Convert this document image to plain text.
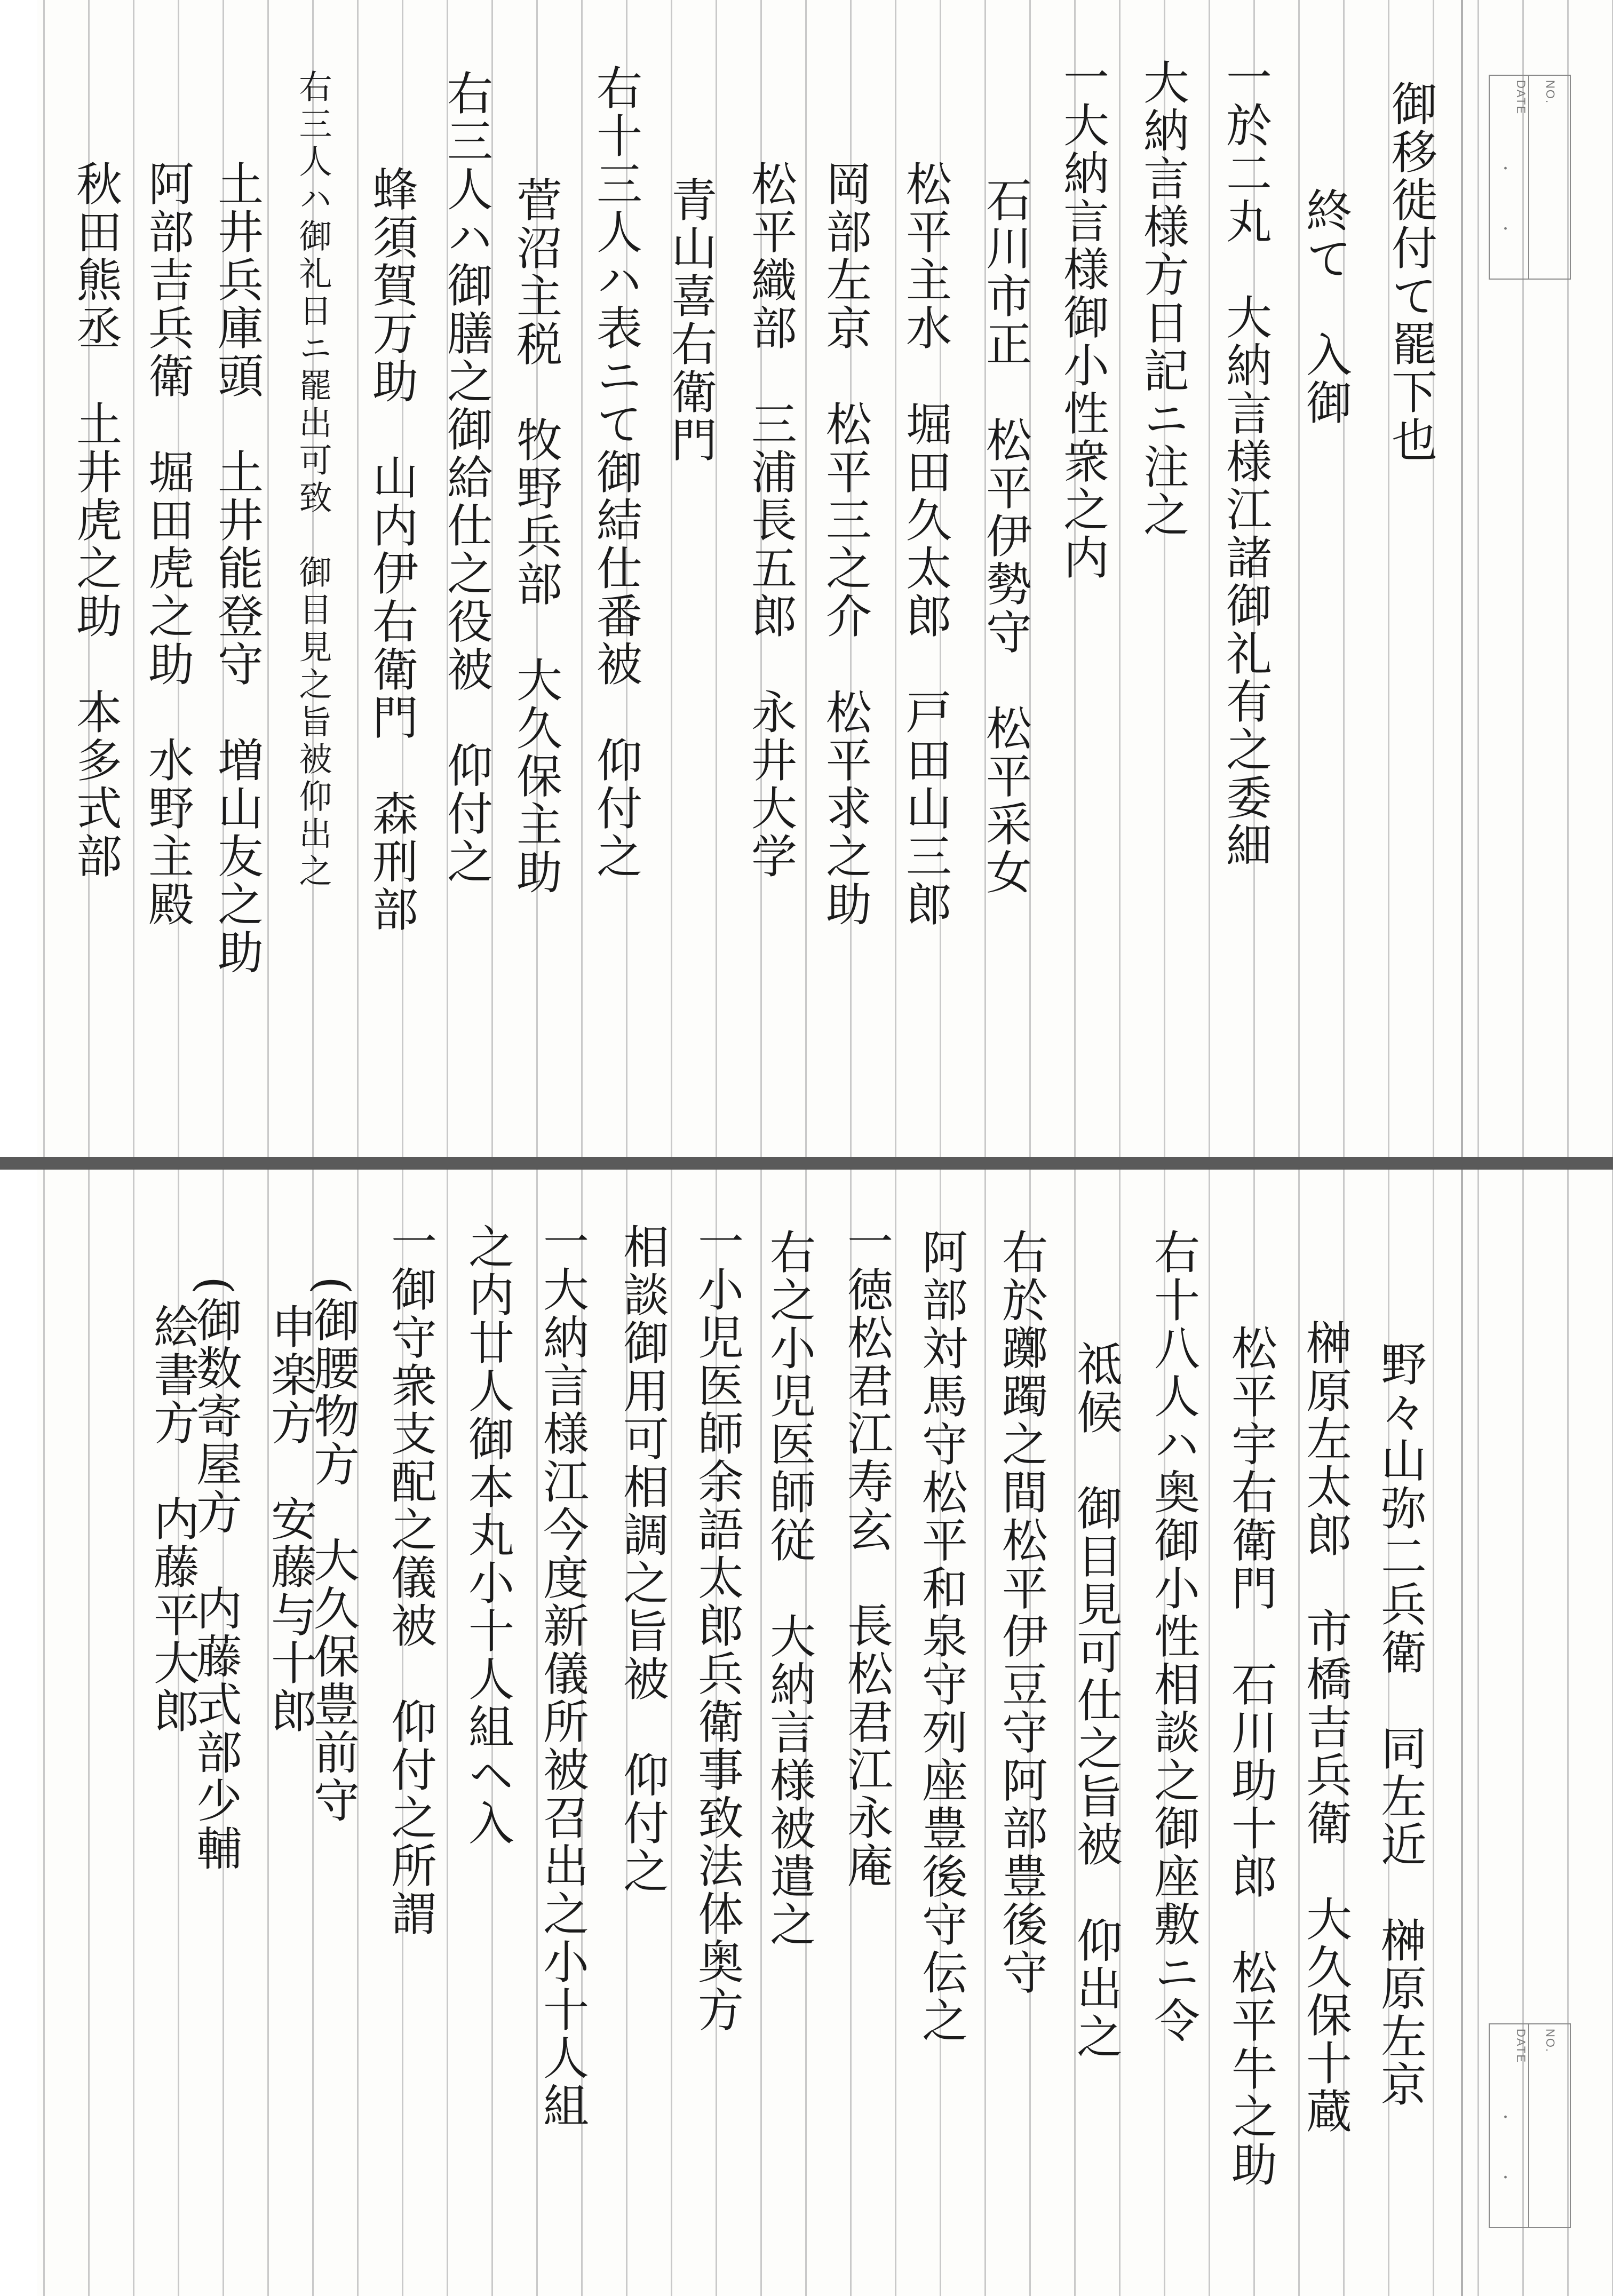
NO.
DATE
・ ・
御移徙付て罷下也
終て　入御
一於二丸　大納言様江諸御礼有之委細
大納言様方日記ニ注之
一大納言様御小性衆之内
石川市正　松平伊勢守　松平采女
松平主水　堀田久太郎　戸田山三郎
岡部左京　松平三之介　松平求之助
松平織部　三浦長五郎　永井大学
青山喜右衛門
右十三人ハ表ニて御結仕番被　仰付之
菅沼主税　牧野兵部　大久保主助
右三人ハ御膳之御給仕之役被　仰付之
蜂須賀万助　山内伊右衛門　森刑部
右三人ハ御礼日ニ罷出可致　御目見之旨被仰出之
土井兵庫頭　土井能登守　増山友之助
阿部吉兵衛　堀田虎之助　水野主殿
秋田熊丞　土井虎之助　本多式部
NO.
DATE
・ ・
野々山弥二兵衛　同左近　榊原左京
榊原左太郎　市橋吉兵衛　大久保十蔵
松平宇右衛門　石川助十郎　松平牛之助
右十八人ハ奥御小性相談之御座敷ニ令
祗候　御目見可仕之旨被　仰出之
右於躑躅之間松平伊豆守阿部豊後守
阿部対馬守松平和泉守列座豊後守伝之
一徳松君江寿玄　長松君江永庵
右之小児医師従　大納言様被遣之
一小児医師余語太郎兵衛事致法体奥方
相談御用可相調之旨被　仰付之
一大納言様江今度新儀所被召出之小十人組
之内廿人御本丸小十人組ヘ入
一御守衆支配之儀被　仰付之所謂
(御腰物方　大久保豊前守
申楽方　安藤与十郎
(御数寄屋方　内藤式部少輔
絵書方　内藤平大郎
